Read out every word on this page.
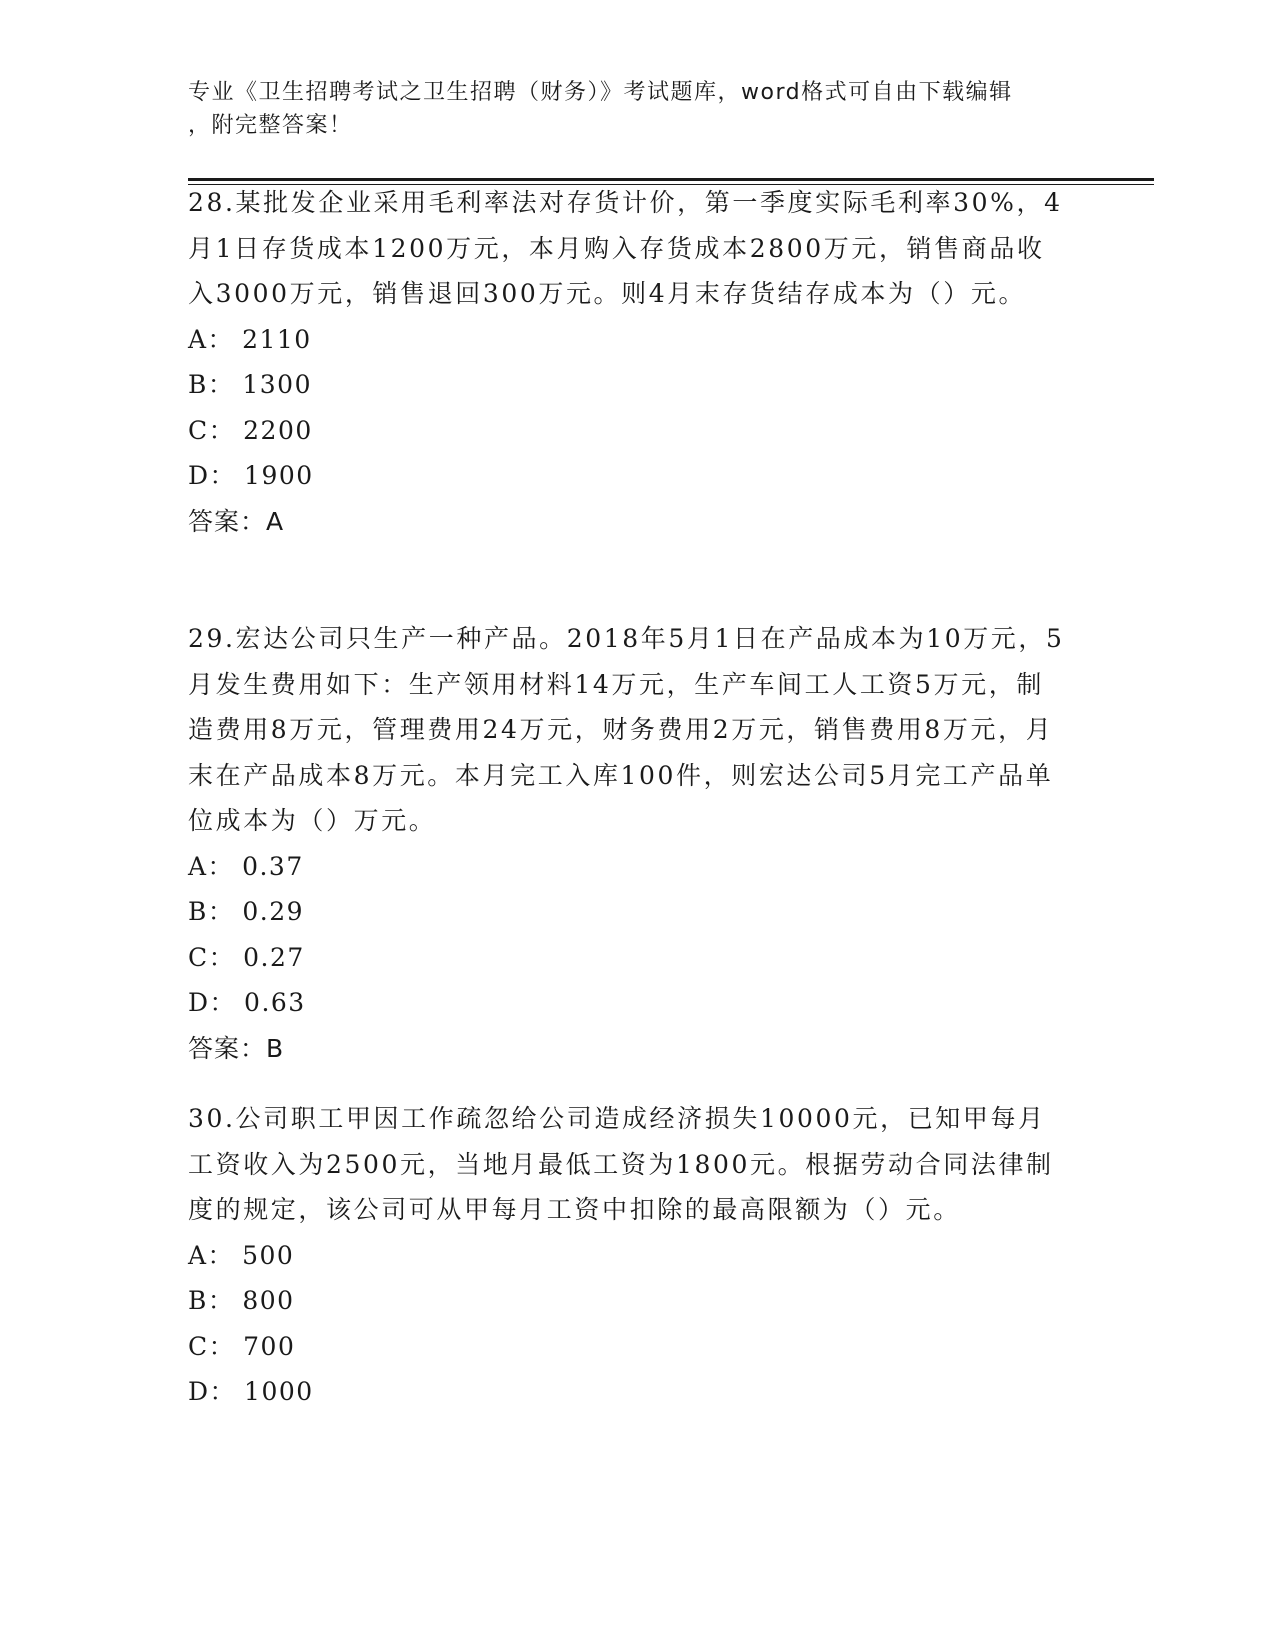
专业《卫生招聘考试之卫生招聘（财务）》考试题库，word格式可自由下载编辑
，附完整答案！

28.某批发企业采用毛利率法对存货计价，第一季度实际毛利率30%，4月1日存货成本1200万元，本月购入存货成本2800万元，销售商品收入3000万元，销售退回300万元。则4月末存货结存成本为（）元。

A： 2110

B： 1300

C： 2200

D： 1900

答案：A

29.宏达公司只生产一种产品。2018年5月1日在产品成本为10万元，5月发生费用如下：生产领用材料14万元，生产车间工人工资5万元，制造费用8万元，管理费用24万元，财务费用2万元，销售费用8万元，月末在产品成本8万元。本月完工入库100件，则宏达公司5月完工产品单位成本为（）万元。

A： 0.37

B： 0.29

C： 0.27

D： 0.63

答案：B

30.公司职工甲因工作疏忽给公司造成经济损失10000元，已知甲每月工资收入为2500元，当地月最低工资为1800元。根据劳动合同法律制度的规定，该公司可从甲每月工资中扣除的最高限额为（）元。

A： 500

B： 800

C： 700

D： 1000
